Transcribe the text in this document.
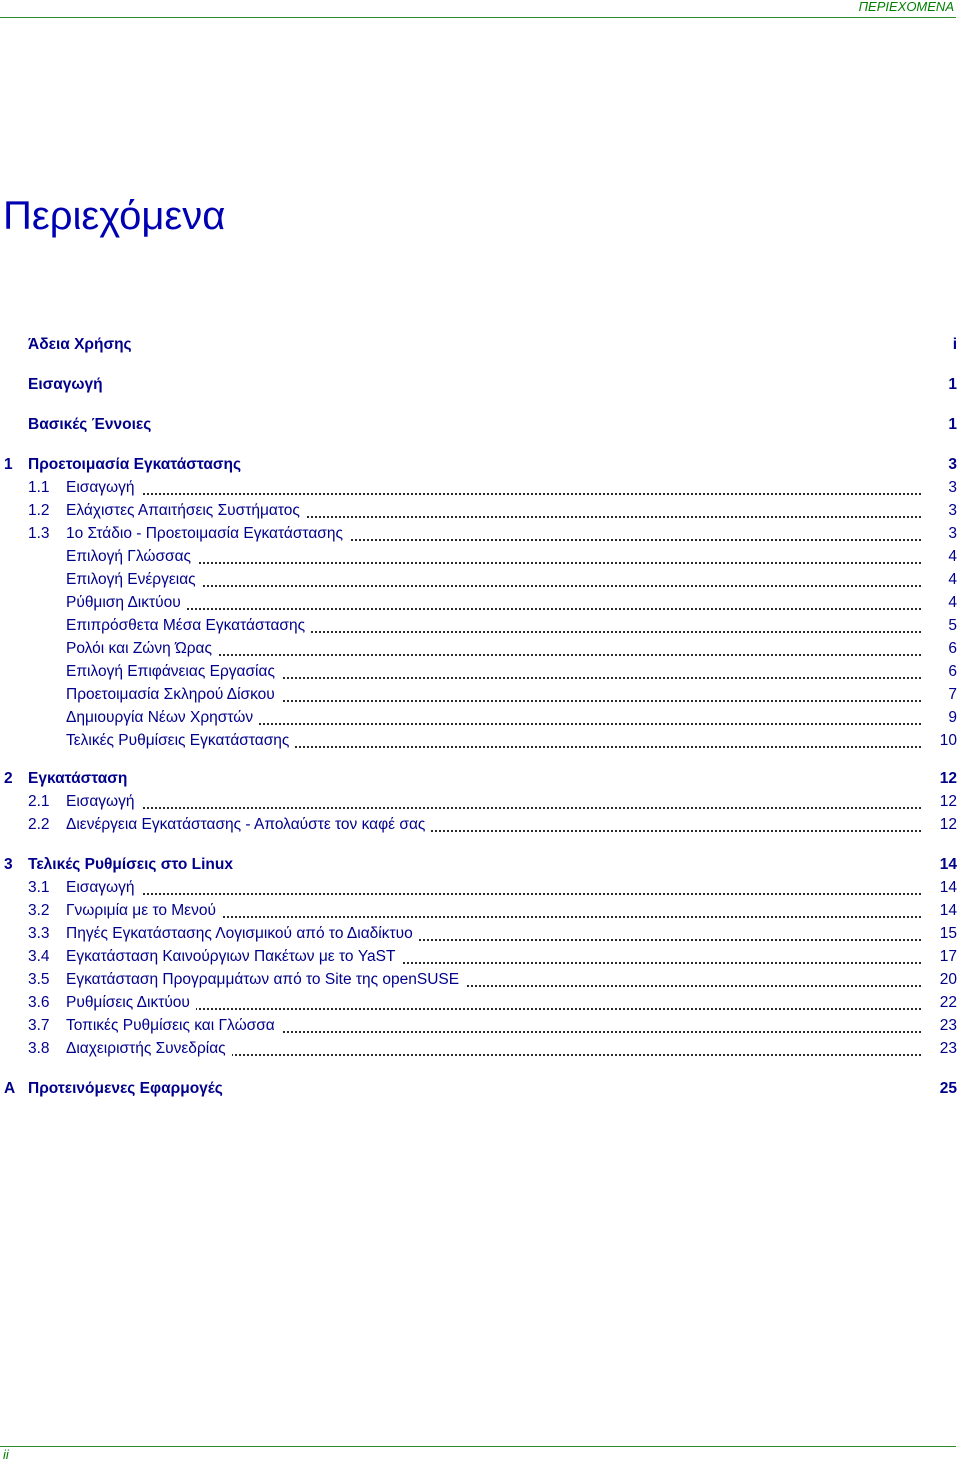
ΠΕΡΙΕΧΟΜΕΝΑ
Περιεχόμενα
Άδεια Χρήσης	i
Εισαγωγή	1
Βασικές Έννοιες	1
1 Προετοιμασία Εγκατάστασης	3
1.1 Εισαγωγή	3
1.2 Ελάχιστες Απαιτήσεις Συστήματος	3
1.3 1ο Στάδιο - Προετοιμασία Εγκατάστασης	3
Επιλογή Γλώσσας	4
Επιλογή Ενέργειας	4
Ρύθμιση Δικτύου	4
Επιπρόσθετα Μέσα Εγκατάστασης	5
Ρολόι και Ζώνη Ώρας	6
Επιλογή Επιφάνειας Εργασίας	6
Προετοιμασία Σκληρού Δίσκου	7
Δημιουργία Νέων Χρηστών	9
Τελικές Ρυθμίσεις Εγκατάστασης	10
2 Εγκατάσταση	12
2.1 Εισαγωγή	12
2.2 Διενέργεια Εγκατάστασης - Απολαύστε τον καφέ σας	12
3 Τελικές Ρυθμίσεις στο Linux	14
3.1 Εισαγωγή	14
3.2 Γνωριμία με το Μενού	14
3.3 Πηγές Εγκατάστασης Λογισμικού από το Διαδίκτυο	15
3.4 Εγκατάσταση Καινούργιων Πακέτων με το YaST	17
3.5 Εγκατάσταση Προγραμμάτων από το Site της openSUSE	20
3.6 Ρυθμίσεις Δικτύου	22
3.7 Τοπικές Ρυθμίσεις και Γλώσσα	23
3.8 Διαχειριστής Συνεδρίας	23
A Προτεινόμενες Εφαρμογές	25
ii
